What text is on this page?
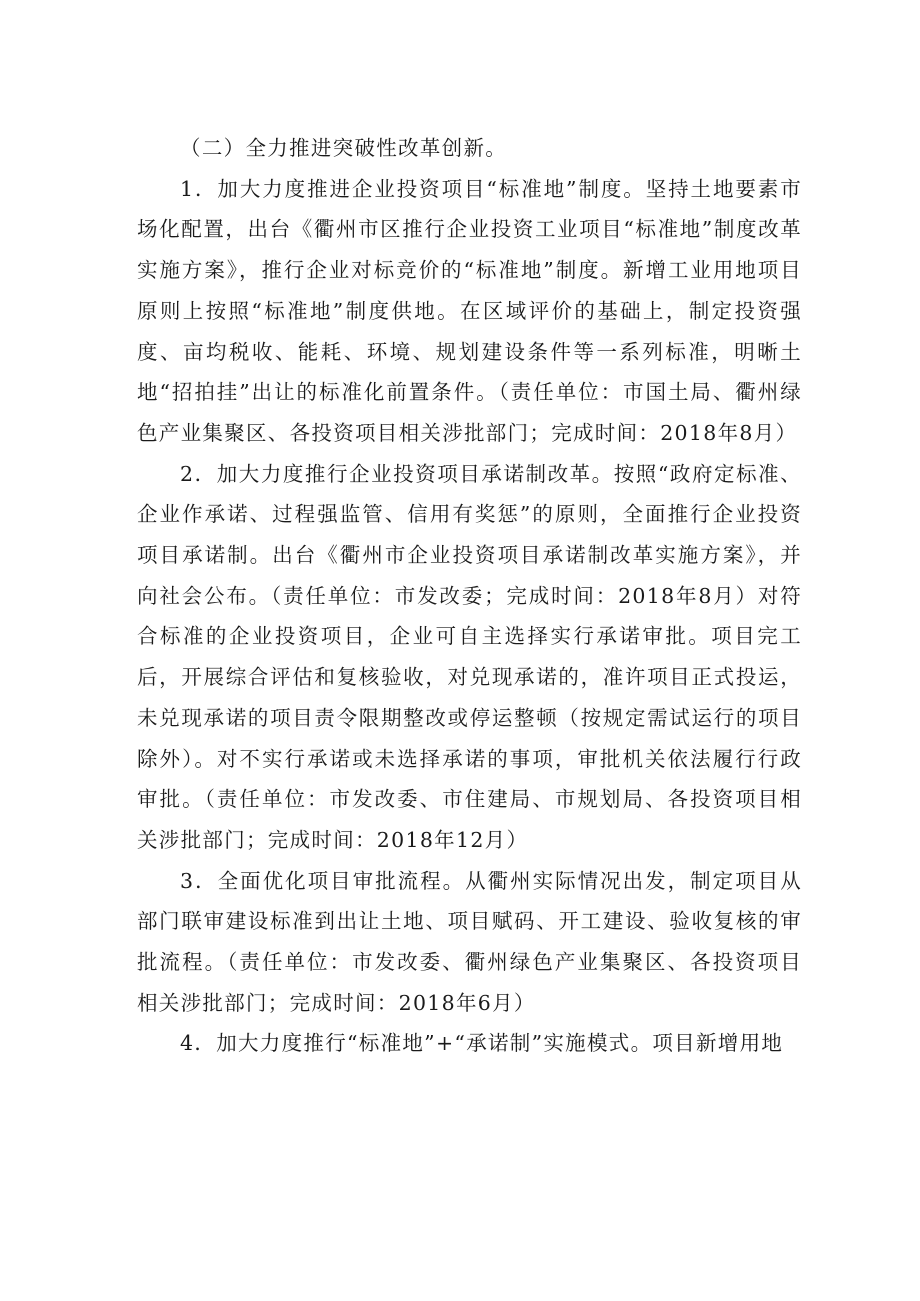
（二）全力推进突破性改革创新。

1．加大力度推进企业投资项目“标准地”制度。坚持土地要素市场化配置，出台《衢州市区推行企业投资工业项目“标准地”制度改革实施方案》，推行企业对标竞价的“标准地”制度。新增工业用地项目原则上按照“标准地”制度供地。在区域评价的基础上，制定投资强度、亩均税收、能耗、环境、规划建设条件等一系列标准，明晰土地“招拍挂”出让的标准化前置条件。（责任单位：市国土局、衢州绿色产业集聚区、各投资项目相关涉批部门；完成时间：2018年8月）

2．加大力度推行企业投资项目承诺制改革。按照“政府定标准、企业作承诺、过程强监管、信用有奖惩”的原则，全面推行企业投资项目承诺制。出台《衢州市企业投资项目承诺制改革实施方案》，并向社会公布。（责任单位：市发改委；完成时间：2018年8月）对符合标准的企业投资项目，企业可自主选择实行承诺审批。项目完工后，开展综合评估和复核验收，对兑现承诺的，准许项目正式投运，未兑现承诺的项目责令限期整改或停运整顿（按规定需试运行的项目除外）。对不实行承诺或未选择承诺的事项，审批机关依法履行行政审批。（责任单位：市发改委、市住建局、市规划局、各投资项目相关涉批部门；完成时间：2018年12月）

3．全面优化项目审批流程。从衢州实际情况出发，制定项目从部门联审建设标准到出让土地、项目赋码、开工建设、验收复核的审批流程。（责任单位：市发改委、衢州绿色产业集聚区、各投资项目相关涉批部门；完成时间：2018年6月）

4．加大力度推行“标准地”+“承诺制”实施模式。项目新增用地
